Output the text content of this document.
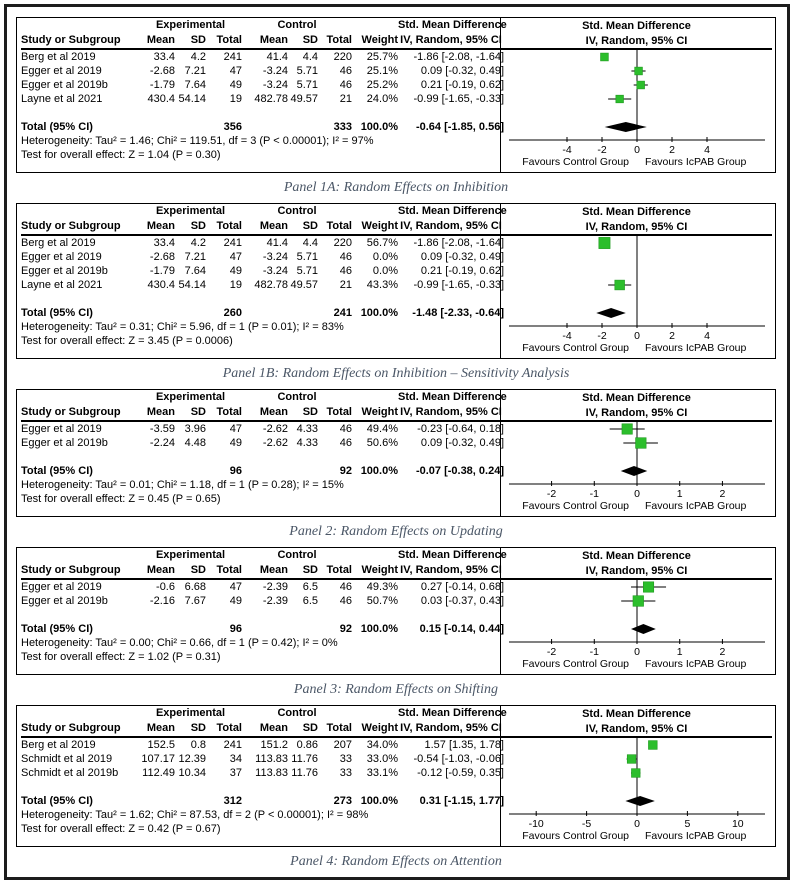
Experimental	Control	Std. Mean Difference
Study or Subgroup	Mean	SD Total	Mean	SD Total Weight IV, Random, 95% CI
Berg et al 2019	33.4	4.2	241	41.4	4.4	220	25.7%	-1.86 [-2.08, -1.64]
Egger et al 2019	-2.68 7.21	47	-3.24 5.71	46	25.1%	0.09 [-0.32, 0.49]
Egger et al 2019b	-1.79 7.64	49	-3.24 5.71	46	25.2%	0.21 [-0.19, 0.62]
Layne et al 2021	430.4 54.14	19	482.78 49.57	21	24.0%	-0.99 [-1.65, -0.33]
Total (95% CI)	356	333 100.0%	-0.64 [-1.85, 0.56]
Heterogeneity: Tau² = 1.46; Chi² = 119.51, df = 3 (P < 0.00001); I² = 97%
Test for overall effect: Z = 1.04 (P = 0.30)
Std. Mean Difference
IV, Random, 95% CI
-4 -2	0	2	4
Favours Control Group Favours IcPAB Group
Panel 1A: Random Effects on Inhibition
Experimental	Control	Std. Mean Difference
Study or Subgroup	Mean	SD Total	Mean	SD Total Weight IV, Random, 95% CI
Berg et al 2019	33.4	4.2	241	41.4	4.4	220	56.7%	-1.86 [-2.08, -1.64]
Egger et al 2019	-2.68 7.21	47	-3.24 5.71	46	0.0%	0.09 [-0.32, 0.49]
Egger et al 2019b	-1.79 7.64	49	-3.24 5.71	46	0.0%	0.21 [-0.19, 0.62]
Layne et al 2021	430.4 54.14	19	482.78 49.57	21	43.3%	-0.99 [-1.65, -0.33]
Total (95% CI)	260	241 100.0%	-1.48 [-2.33, -0.64]
Heterogeneity: Tau² = 0.31; Chi² = 5.96, df = 1 (P = 0.01); I² = 83%
Test for overall effect: Z = 3.45 (P = 0.0006)
Std. Mean Difference
IV, Random, 95% CI
-4 -2	0	2	4
Favours Control Group Favours IcPAB Group
Panel 1B: Random Effects on Inhibition – Sensitivity Analysis
Experimental	Control	Std. Mean Difference
Study or Subgroup	Mean	SD Total	Mean	SD Total Weight IV, Random, 95% CI
Egger et al 2019	-3.59 3.96	47	-2.62 4.33	46	49.4%	-0.23 [-0.64, 0.18]
Egger et al 2019b	-2.24 4.48	49	-2.62 4.33	46	50.6%	0.09 [-0.32, 0.49]
Total (95% CI)	96	92 100.0%	-0.07 [-0.38, 0.24]
Heterogeneity: Tau² = 0.01; Chi² = 1.18, df = 1 (P = 0.28); I² = 15%
Test for overall effect: Z = 0.45 (P = 0.65)
Std. Mean Difference
IV, Random, 95% CI
-2	-1	0	1	2
Favours Control Group Favours IcPAB Group
Panel 2: Random Effects on Updating
Experimental	Control	Std. Mean Difference
Study or Subgroup	Mean	SD Total	Mean	SD Total Weight IV, Random, 95% CI
Egger et al 2019	-0.6 6.68	47	-2.39	6.5	46	49.3%	0.27 [-0.14, 0.68]
Egger et al 2019b	-2.16 7.67	49	-2.39	6.5	46	50.7%	0.03 [-0.37, 0.43]
Total (95% CI)	96	92 100.0%	0.15 [-0.14, 0.44]
Heterogeneity: Tau² = 0.00; Chi² = 0.66, df = 1 (P = 0.42); I² = 0%
Test for overall effect: Z = 1.02 (P = 0.31)
Std. Mean Difference
IV, Random, 95% CI
-2	-1	0	1	2
Favours Control Group Favours IcPAB Group
Panel 3: Random Effects on Shifting
Experimental	Control	Std. Mean Difference
Study or Subgroup	Mean	SD Total	Mean	SD Total Weight IV, Random, 95% CI
Berg et al 2019	152.5	0.8	241	151.2 0.86	207	34.0%	1.57 [1.35, 1.78]
Schmidt et al 2019	107.17 12.39	34	113.83 11.76	33	33.0%	-0.54 [-1.03, -0.06]
Schmidt et al 2019b	112.49 10.34	37	113.83 11.76	33	33.1%	-0.12 [-0.59, 0.35]
Total (95% CI)	312	273 100.0%	0.31 [-1.15, 1.77]
Heterogeneity: Tau² = 1.62; Chi² = 87.53, df = 2 (P < 0.00001); I² = 98%
Test for overall effect: Z = 0.42 (P = 0.67)
Std. Mean Difference
IV, Random, 95% CI
-10	-5	0	5	10
Favours Control Group Favours IcPAB Group
Panel 4: Random Effects on Attention
